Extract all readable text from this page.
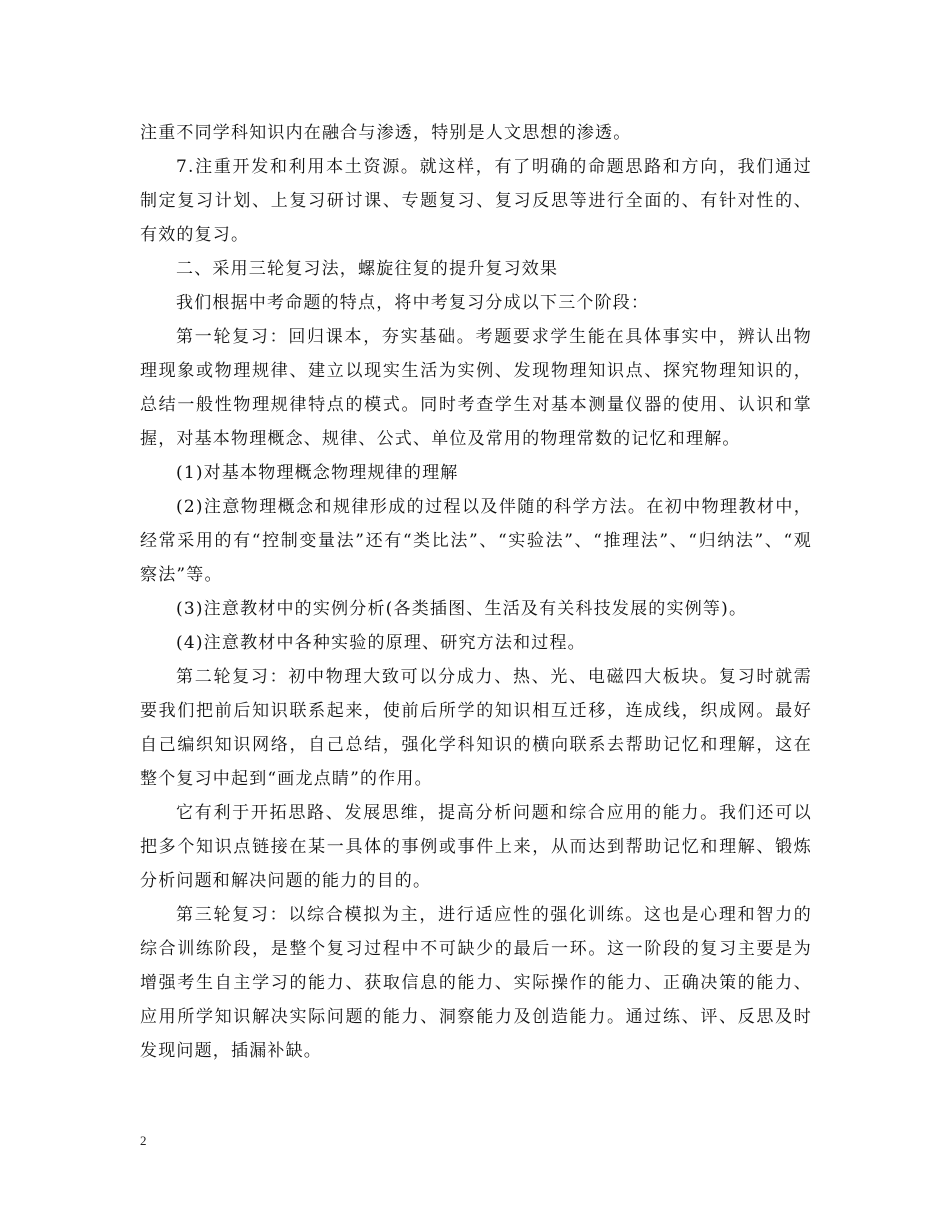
注重不同学科知识内在融合与渗透，特别是人文思想的渗透。

7.注重开发和利用本土资源。就这样，有了明确的命题思路和方向，我们通过制定复习计划、上复习研讨课、专题复习、复习反思等进行全面的、有针对性的、有效的复习。

二、采用三轮复习法，螺旋往复的提升复习效果

我们根据中考命题的特点，将中考复习分成以下三个阶段：

第一轮复习：回归课本，夯实基础。考题要求学生能在具体事实中，辨认出物理现象或物理规律、建立以现实生活为实例、发现物理知识点、探究物理知识的，总结一般性物理规律特点的模式。同时考查学生对基本测量仪器的使用、认识和掌握，对基本物理概念、规律、公式、单位及常用的物理常数的记忆和理解。

(1)对基本物理概念物理规律的理解

(2)注意物理概念和规律形成的过程以及伴随的科学方法。在初中物理教材中，经常采用的有“控制变量法”还有“类比法”、“实验法”、“推理法”、“归纳法”、“观察法”等。

(3)注意教材中的实例分析(各类插图、生活及有关科技发展的实例等)。

(4)注意教材中各种实验的原理、研究方法和过程。

第二轮复习：初中物理大致可以分成力、热、光、电磁四大板块。复习时就需要我们把前后知识联系起来，使前后所学的知识相互迁移，连成线，织成网。最好自己编织知识网络，自己总结，强化学科知识的横向联系去帮助记忆和理解，这在整个复习中起到“画龙点睛”的作用。

它有利于开拓思路、发展思维，提高分析问题和综合应用的能力。我们还可以把多个知识点链接在某一具体的事例或事件上来，从而达到帮助记忆和理解、锻炼分析问题和解决问题的能力的目的。

第三轮复习：以综合模拟为主，进行适应性的强化训练。这也是心理和智力的综合训练阶段，是整个复习过程中不可缺少的最后一环。这一阶段的复习主要是为增强考生自主学习的能力、获取信息的能力、实际操作的能力、正确决策的能力、应用所学知识解决实际问题的能力、洞察能力及创造能力。通过练、评、反思及时发现问题，插漏补缺。

2
